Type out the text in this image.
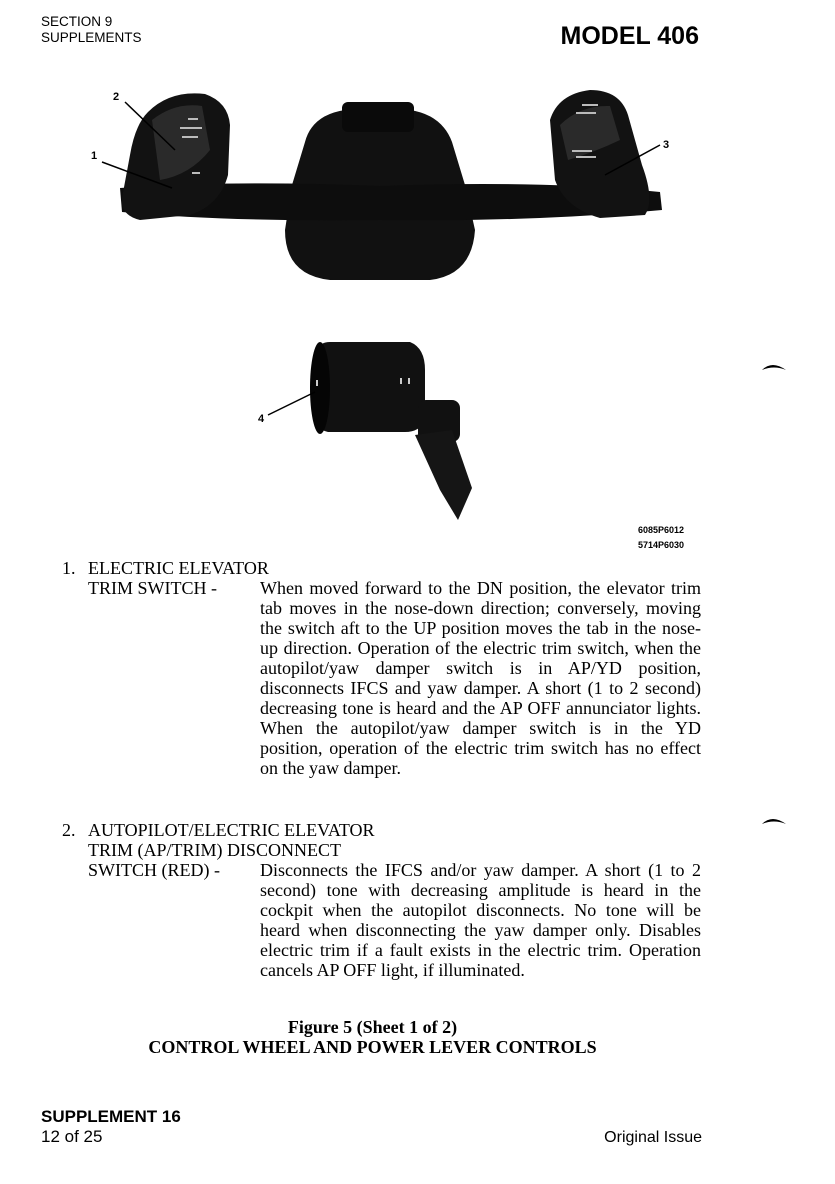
SECTION 9
SUPPLEMENTS	MODEL 406
2
1
3
4
6085P6012
5714P6030
1. ELECTRIC ELEVATOR
TRIM SWITCH - When moved forward to the DN position, the elevator trim tab moves in the nose-down direction; conversely, moving the switch aft to the UP position moves the tab in the nose-up direction. Operation of the electric trim switch, when the autopilot/yaw damper switch is in AP/YD position, disconnects IFCS and yaw damper. A short (1 to 2 second) decreasing tone is heard and the AP OFF annunciator lights. When the autopilot/yaw damper switch is in the YD position, operation of the electric trim switch has no effect on the yaw damper.
2. AUTOPILOT/ELECTRIC ELEVATOR
TRIM (AP/TRIM) DISCONNECT
SWITCH (RED) - Disconnects the IFCS and/or yaw damper. A short (1 to 2 second) tone with decreasing amplitude is heard in the cockpit when the autopilot disconnects. No tone will be heard when disconnecting the yaw damper only. Disables electric trim if a fault exists in the electric trim. Operation cancels AP OFF light, if illuminated.
Figure 5 (Sheet 1 of 2)
CONTROL WHEEL AND POWER LEVER CONTROLS
SUPPLEMENT 16
12 of 25	Original Issue
